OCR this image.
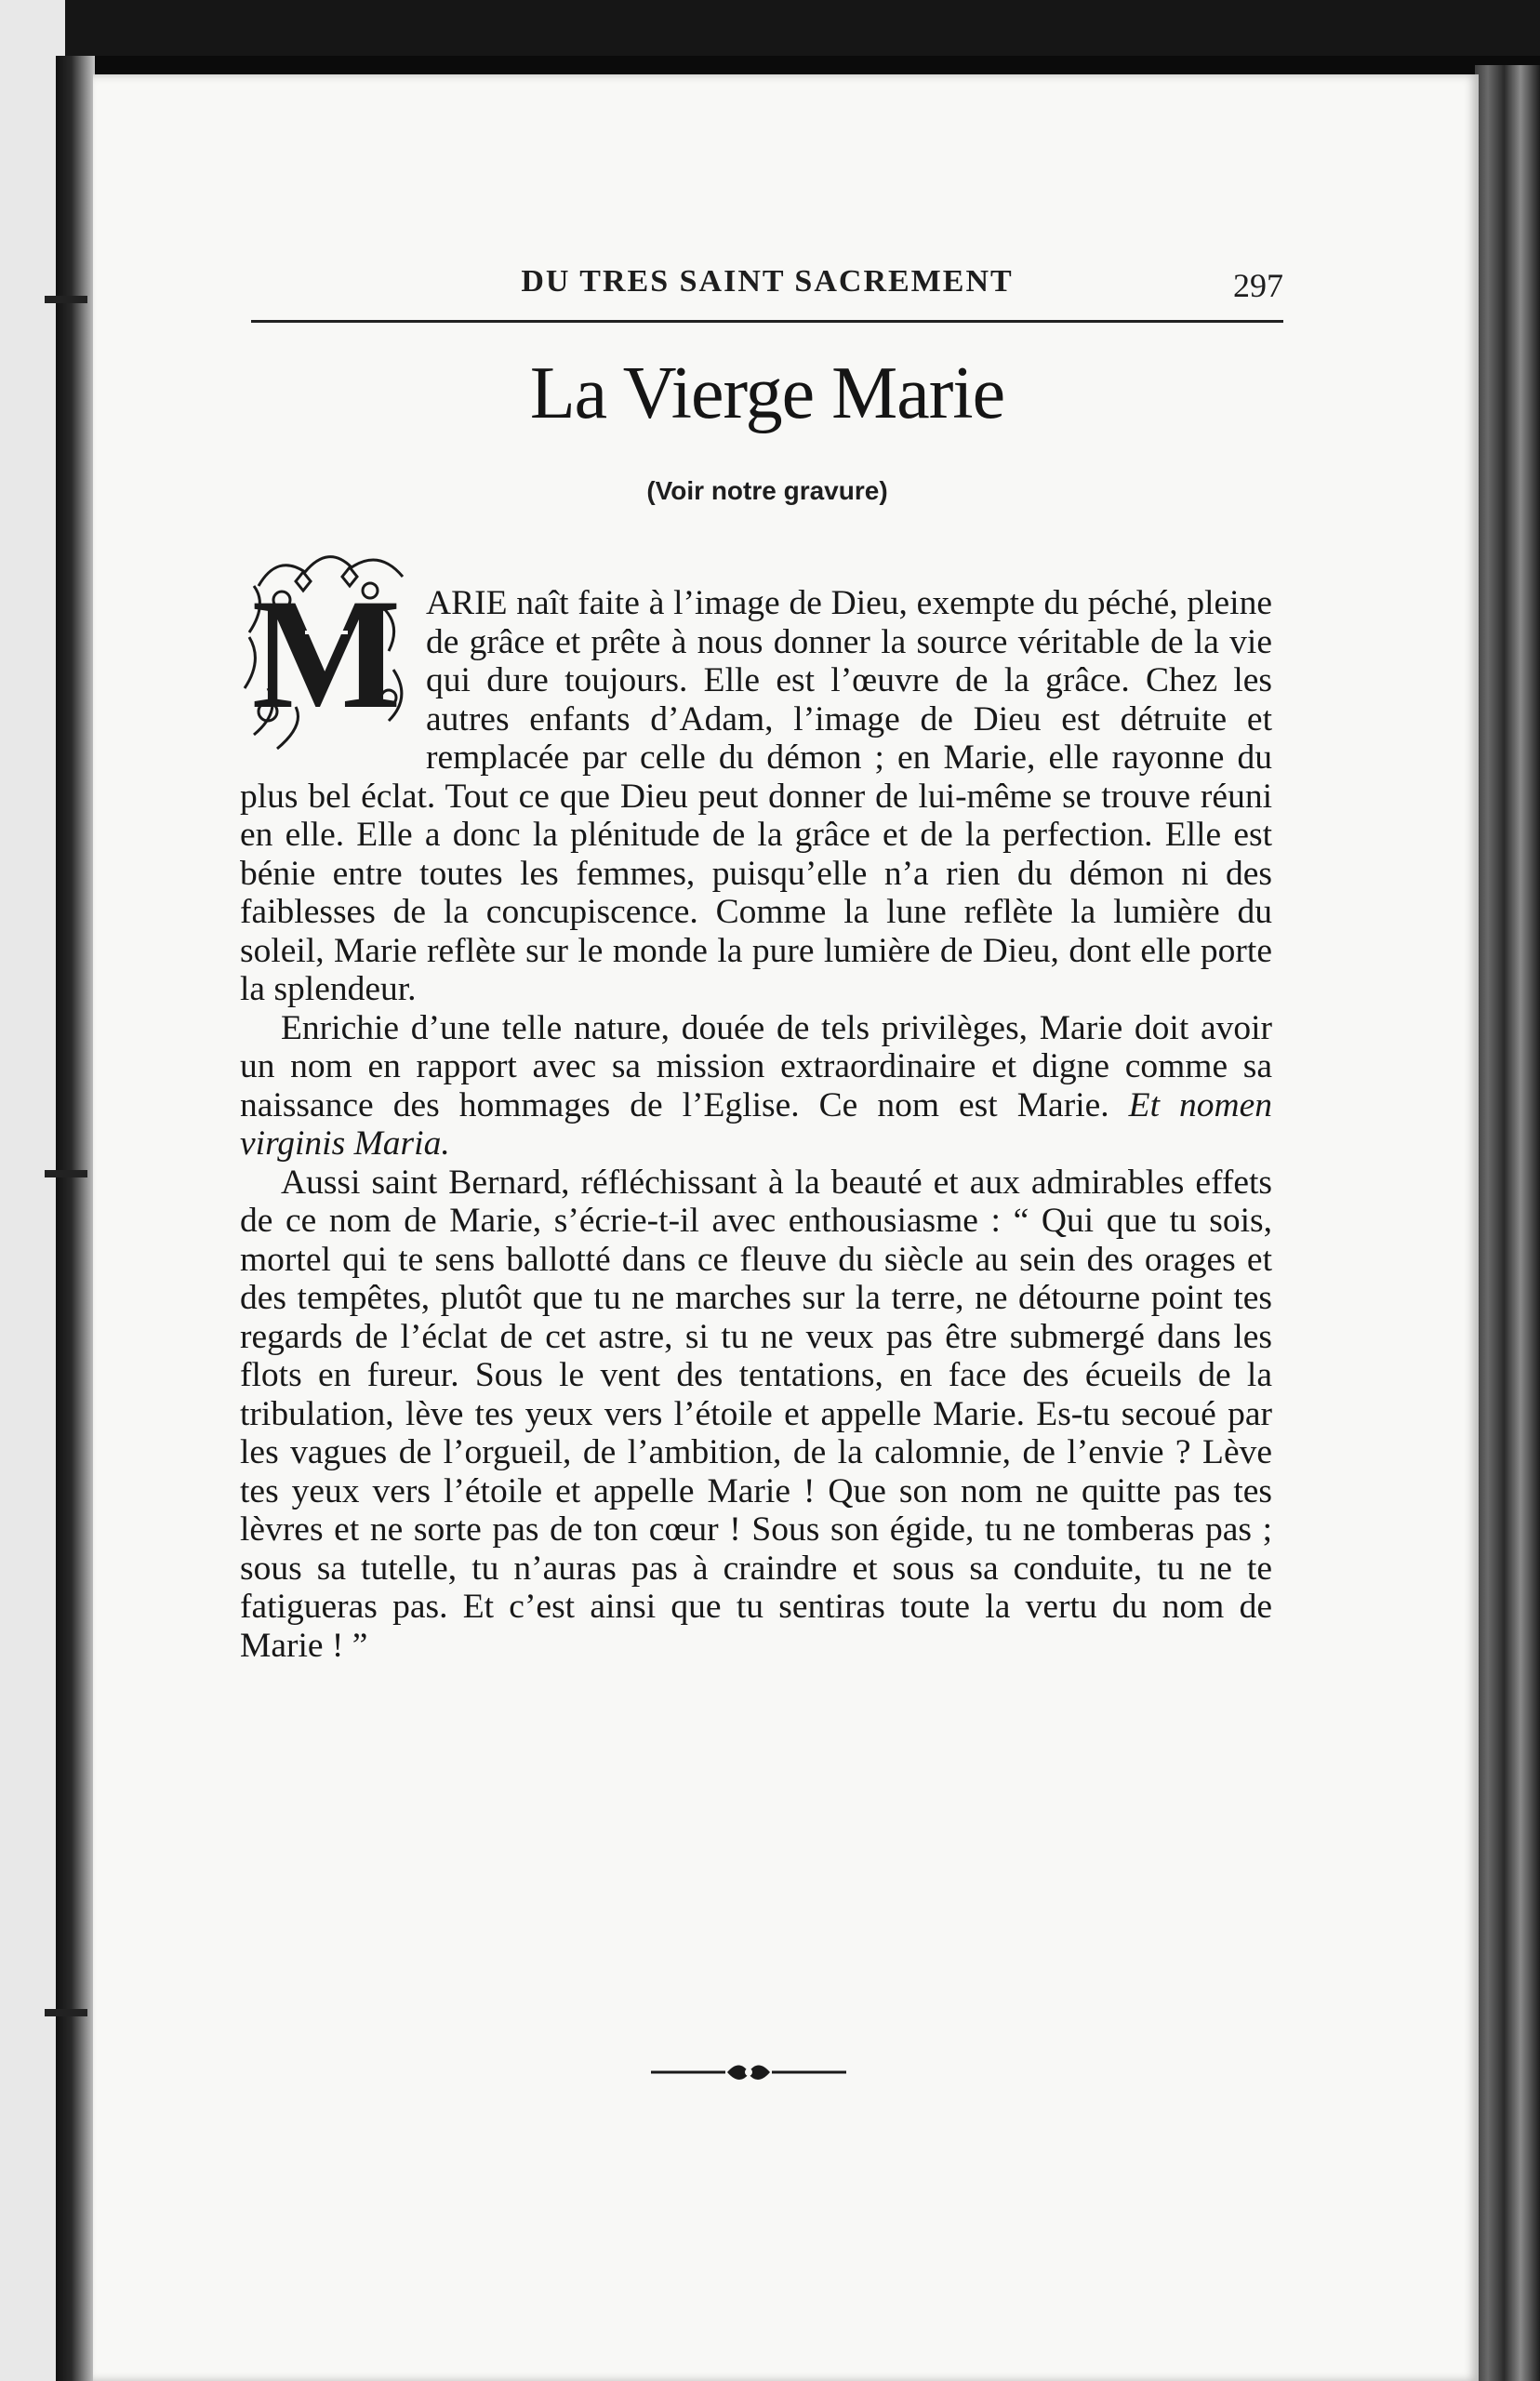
DU TRES SAINT SACREMENT	297
La Vierge Marie
(Voir notre gravure)

M ARIE naît faite à l’image de Dieu, exempte du péché, pleine de grâce et prête à nous donner la source véritable de la vie qui dure toujours. Elle est l’œuvre de la grâce. Chez les autres enfants d’Adam, l’image de Dieu est détruite et remplacée par celle du démon ; en Marie, elle rayonne du plus bel éclat. Tout ce que Dieu peut donner de lui-même se trouve réuni en elle. Elle a donc la plénitude de la grâce et de la perfection. Elle est bénie entre toutes les femmes, puisqu’elle n’a rien du démon ni des faiblesses de la concupiscence. Comme la lune reflète la lumière du soleil, Marie reflète sur le monde la pure lumière de Dieu, dont elle porte la splendeur.

Enrichie d’une telle nature, douée de tels privilèges, Marie doit avoir un nom en rapport avec sa mission extraordinaire et digne comme sa naissance des hommages de l’Eglise. Ce nom est Marie. Et nomen virginis Maria.

Aussi saint Bernard, réfléchissant à la beauté et aux admirables effets de ce nom de Marie, s’écrie-t-il avec enthousiasme : “ Qui que tu sois, mortel qui te sens ballotté dans ce fleuve du siècle au sein des orages et des tempêtes, plutôt que tu ne marches sur la terre, ne détourne point tes regards de l’éclat de cet astre, si tu ne veux pas être submergé dans les flots en fureur. Sous le vent des tentations, en face des écueils de la tribulation, lève tes yeux vers l’étoile et appelle Marie. Es-tu secoué par les vagues de l’orgueil, de l’ambition, de la calomnie, de l’envie ? Lève tes yeux vers l’étoile et appelle Marie ! Que son nom ne quitte pas tes lèvres et ne sorte pas de ton cœur ! Sous son égide, tu ne tomberas pas ; sous sa tutelle, tu n’auras pas à craindre et sous sa conduite, tu ne te fatigueras pas. Et c’est ainsi que tu sentiras toute la vertu du nom de Marie ! ”
